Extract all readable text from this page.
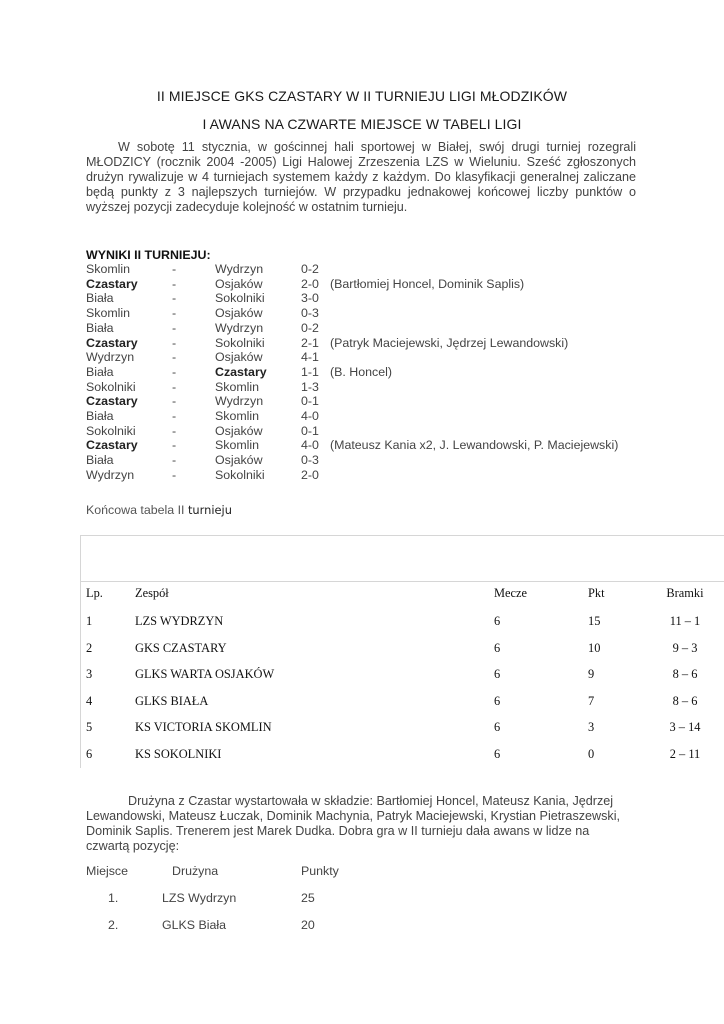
II MIEJSCE GKS CZASTARY W II TURNIEJU LIGI MŁODZIKÓW
I AWANS NA CZWARTE MIEJSCE W TABELI LIGI

W sobotę 11 stycznia, w gościnnej hali sportowej w Białej, swój drugi turniej rozegrali MŁODZICY (rocznik 2004 -2005) Ligi Halowej Zrzeszenia LZS w Wieluniu. Sześć zgłoszonych drużyn rywalizuje w 4 turniejach systemem każdy z każdym. Do klasyfikacji generalnej zaliczane będą punkty z 3 najlepszych turniejów. W przypadku jednakowej końcowej liczby punktów o wyższej pozycji zadecyduje kolejność w ostatnim turnieju.

WYNIKI II TURNIEJU:
Skomlin	-	Wydrzyn	0-2
Czastary	-	Osjaków	2-0 (Bartłomiej Honcel, Dominik Saplis)
Biała	-	Sokolniki	3-0
Skomlin	-	Osjaków	0-3
Biała	-	Wydrzyn	0-2
Czastary	-	Sokolniki	2-1 (Patryk Maciejewski, Jędrzej Lewandowski)
Wydrzyn	-	Osjaków	4-1
Biała	-	Czastary	1-1 (B. Honcel)
Sokolniki	-	Skomlin	1-3
Czastary	-	Wydrzyn	0-1
Biała	-	Skomlin	4-0
Sokolniki	-	Osjaków	0-1
Czastary	-	Skomlin	4-0 (Mateusz Kania x2, J. Lewandowski, P. Maciejewski)
Biała	-	Osjaków	0-3
Wydrzyn	-	Sokolniki	2-0
Końcowa tabela II turnieju
Lp.	Zespół	Mecze	Pkt	Bramki
1	LZS WYDRZYN	6	15	11 – 1
2	GKS CZASTARY	6	10	9 – 3
3	GLKS WARTA OSJAKÓW	6	9	8 – 6
4	GLKS BIAŁA	6	7	8 – 6
5	KS VICTORIA SKOMLIN	6	3	3 – 14
6	KS SOKOLNIKI	6	0	2 – 11

Drużyna z Czastar wystartowała w składzie: Bartłomiej Honcel, Mateusz Kania, Jędrzej Lewandowski, Mateusz Łuczak, Dominik Machynia, Patryk Maciejewski, Krystian Pietraszewski, Dominik Saplis. Trenerem jest Marek Dudka. Dobra gra w II turnieju dała awans w lidze na czwartą pozycję:

Miejsce	Drużyna	Punkty
1.	LZS Wydrzyn	25
2.	GLKS Biała	20
